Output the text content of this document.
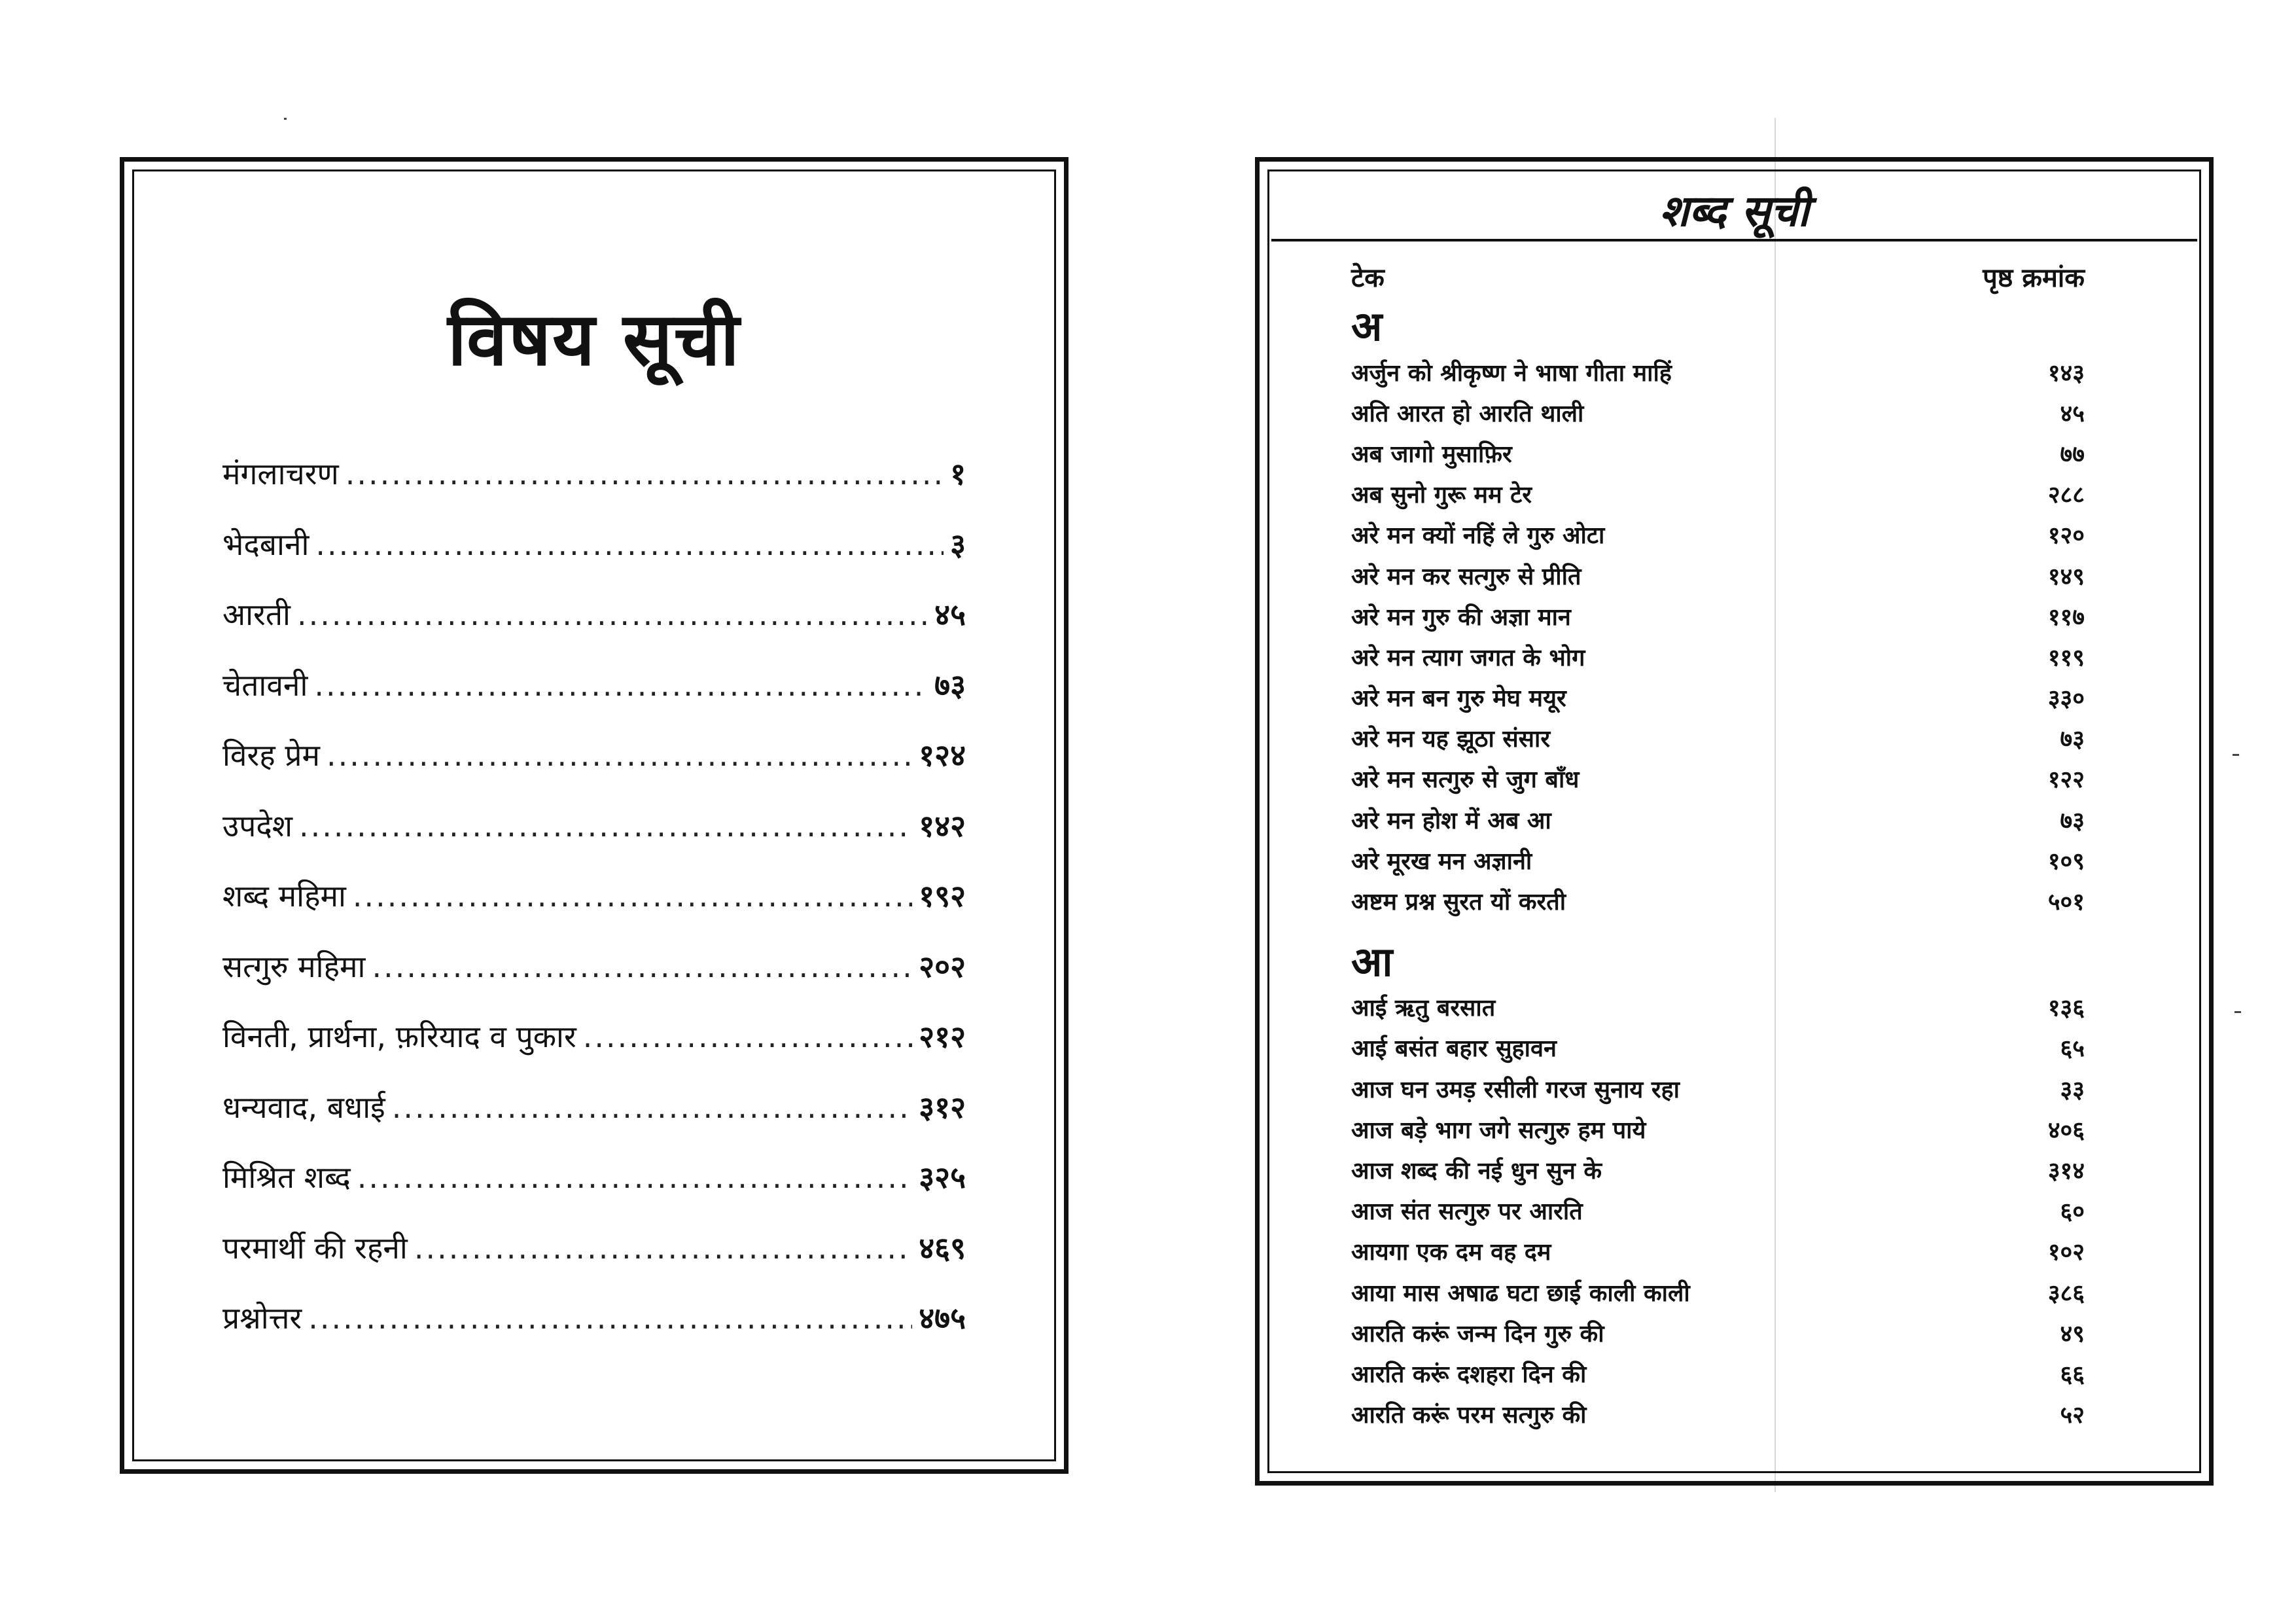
विषय सूची
मंगलाचरण .....	१
भेदबानी .....	३
आरती .....	४५
चेतावनी .....	७३
विरह प्रेम .....	१२४
उपदेश .....	१४२
शब्द महिमा .....	१९२
सत्गुरु महिमा .....	२०२
विनती, प्रार्थना, फ़रियाद व पुकार .....	२१२
धन्यवाद, बधाई .....	३१२
मिश्रित शब्द .....	३२५
परमार्थी की रहनी .....	४६९
प्रश्नोत्तर .....	४७५
शब्द सूची
टेक	पृष्ठ क्रमांक
अ
अर्जुन को श्रीकृष्ण ने भाषा गीता माहिं	१४३
अति आरत हो आरति थाली	४५
अब जागो मुसाफ़िर	७७
अब सुनो गुरू मम टेर	२८८
अरे मन क्यों नहिं ले गुरु ओटा	१२०
अरे मन कर सत्गुरु से प्रीति	१४९
अरे मन गुरु की अज्ञा मान	११७
अरे मन त्याग जगत के भोग	११९
अरे मन बन गुरु मेघ मयूर	३३०
अरे मन यह झूठा संसार	७३
अरे मन सत्गुरु से जुग बाँध	१२२
अरे मन होश में अब आ	७३
अरे मूरख मन अज्ञानी	१०९
अष्टम प्रश्न सुरत यों करती	५०१
आ
आई ऋतु बरसात	१३६
आई बसंत बहार सुहावन	६५
आज घन उमड़ रसीली गरज सुनाय रहा	३३
आज बड़े भाग जगे सत्गुरु हम पाये	४०६
आज शब्द की नई धुन सुन के	३१४
आज संत सत्गुरु पर आरति	६०
आयगा एक दम वह दम	१०२
आया मास अषाढ घटा छाई काली काली	३८६
आरति करूं जन्म दिन गुरु की	४९
आरति करूं दशहरा दिन की	६६
आरति करूं परम सत्गुरु की	५२
